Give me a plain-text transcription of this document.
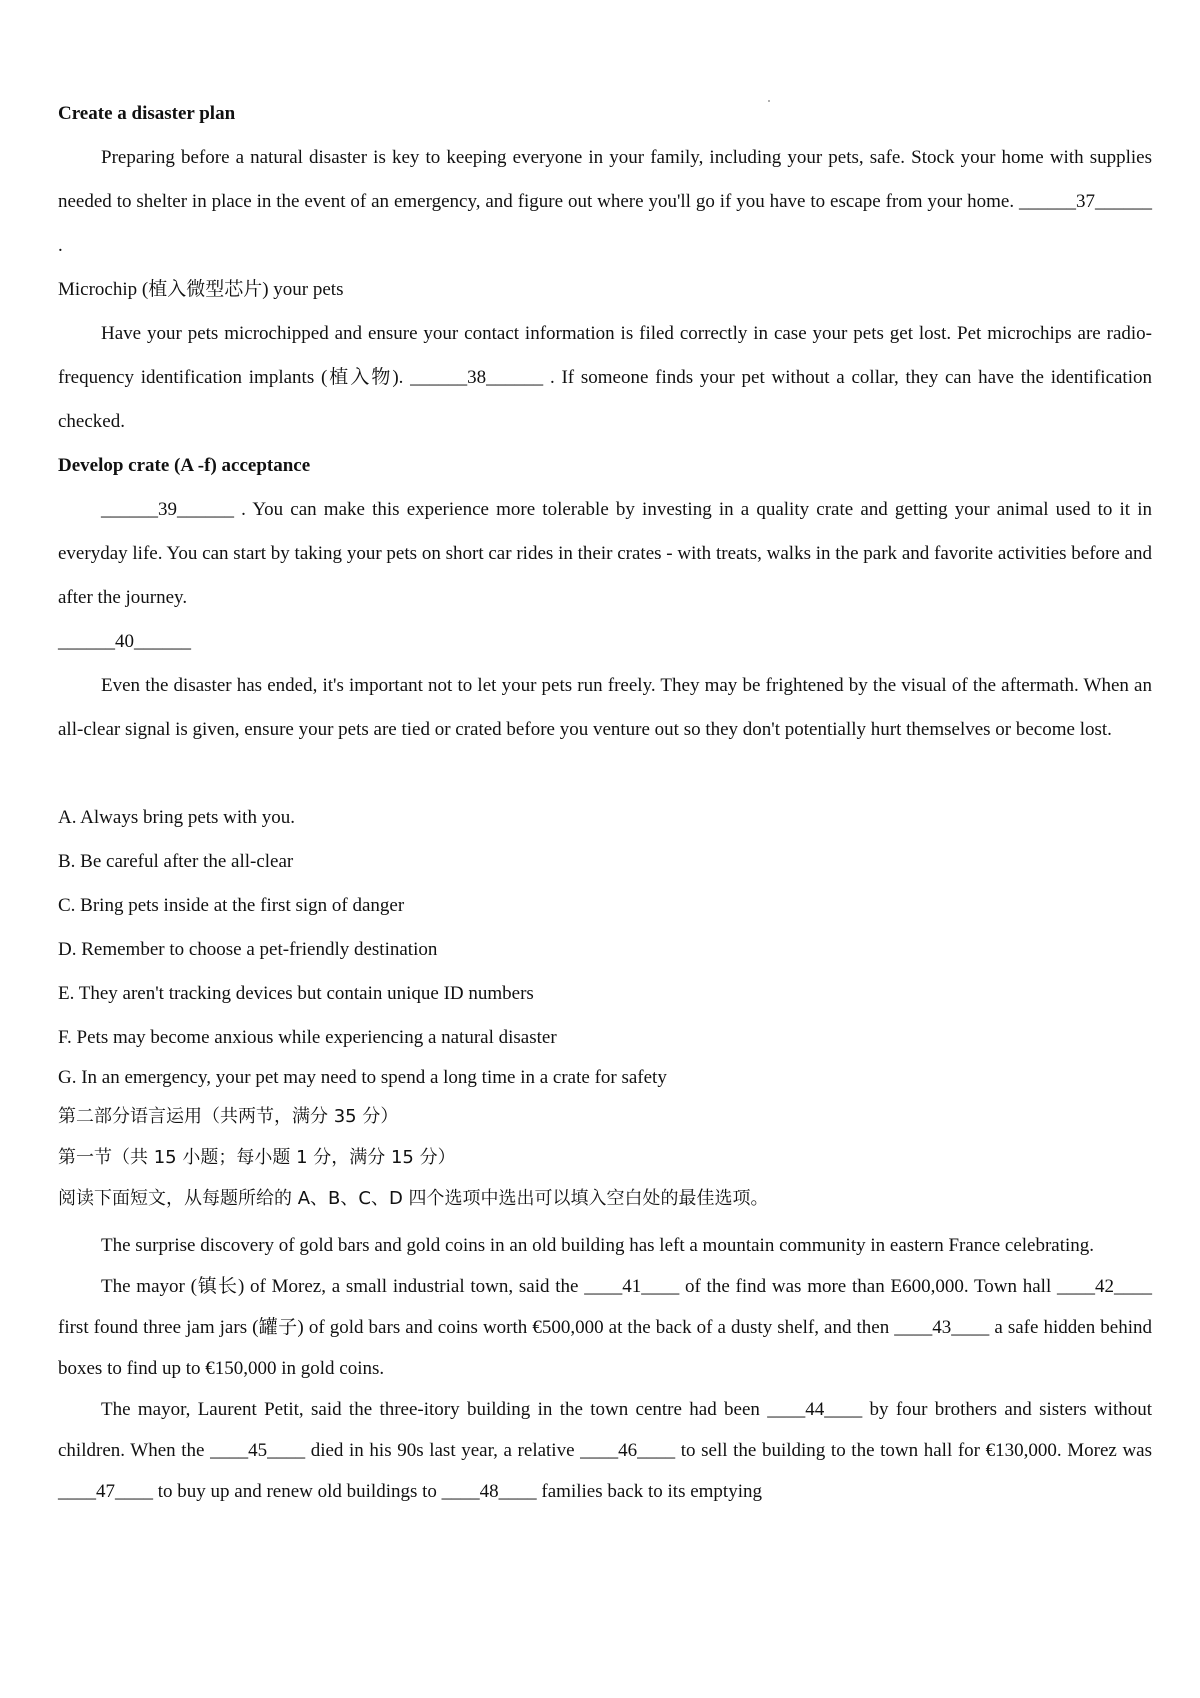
Create a disaster plan

Preparing before a natural disaster is key to keeping everyone in your family, including your pets, safe. Stock your home with supplies needed to shelter in place in the event of an emergency, and figure out where you'll go if you have to escape from your home. ______37______ .

Microchip (植入微型芯片) your pets

Have your pets microchipped and ensure your contact information is filed correctly in case your pets get lost. Pet microchips are radio-frequency identification implants (植入物). ______38______ . If someone finds your pet without a collar, they can have the identification checked.

Develop crate (A -f) acceptance

______39______ . You can make this experience more tolerable by investing in a quality crate and getting your animal used to it in everyday life. You can start by taking your pets on short car rides in their crates - with treats, walks in the park and favorite activities before and after the journey.

______40______

Even the disaster has ended, it's important not to let your pets run freely. They may be frightened by the visual of the aftermath. When an all-clear signal is given, ensure your pets are tied or crated before you venture out so they don't potentially hurt themselves or become lost.

A. Always bring pets with you.
B. Be careful after the all-clear
C. Bring pets inside at the first sign of danger
D. Remember to choose a pet-friendly destination
E. They aren't tracking devices but contain unique ID numbers
F. Pets may become anxious while experiencing a natural disaster
G. In an emergency, your pet may need to spend a long time in a crate for safety
第二部分语言运用（共两节，满分 35 分）
第一节（共 15 小题；每小题 1 分，满分 15 分）
阅读下面短文，从每题所给的 A、B、C、D 四个选项中选出可以填入空白处的最佳选项。

The surprise discovery of gold bars and gold coins in an old building has left a mountain community in eastern France celebrating.

The mayor (镇长) of Morez, a small industrial town, said the ____41____ of the find was more than E600,000. Town hall ____42____ first found three jam jars (罐子) of gold bars and coins worth €500,000 at the back of a dusty shelf, and then ____43____ a safe hidden behind boxes to find up to €150,000 in gold coins.

The mayor, Laurent Petit, said the three-itory building in the town centre had been ____44____ by four brothers and sisters without children. When the ____45____ died in his 90s last year, a relative ____46____ to sell the building to the town hall for €130,000. Morez was ____47____ to buy up and renew old buildings to ____48____ families back to its emptying
